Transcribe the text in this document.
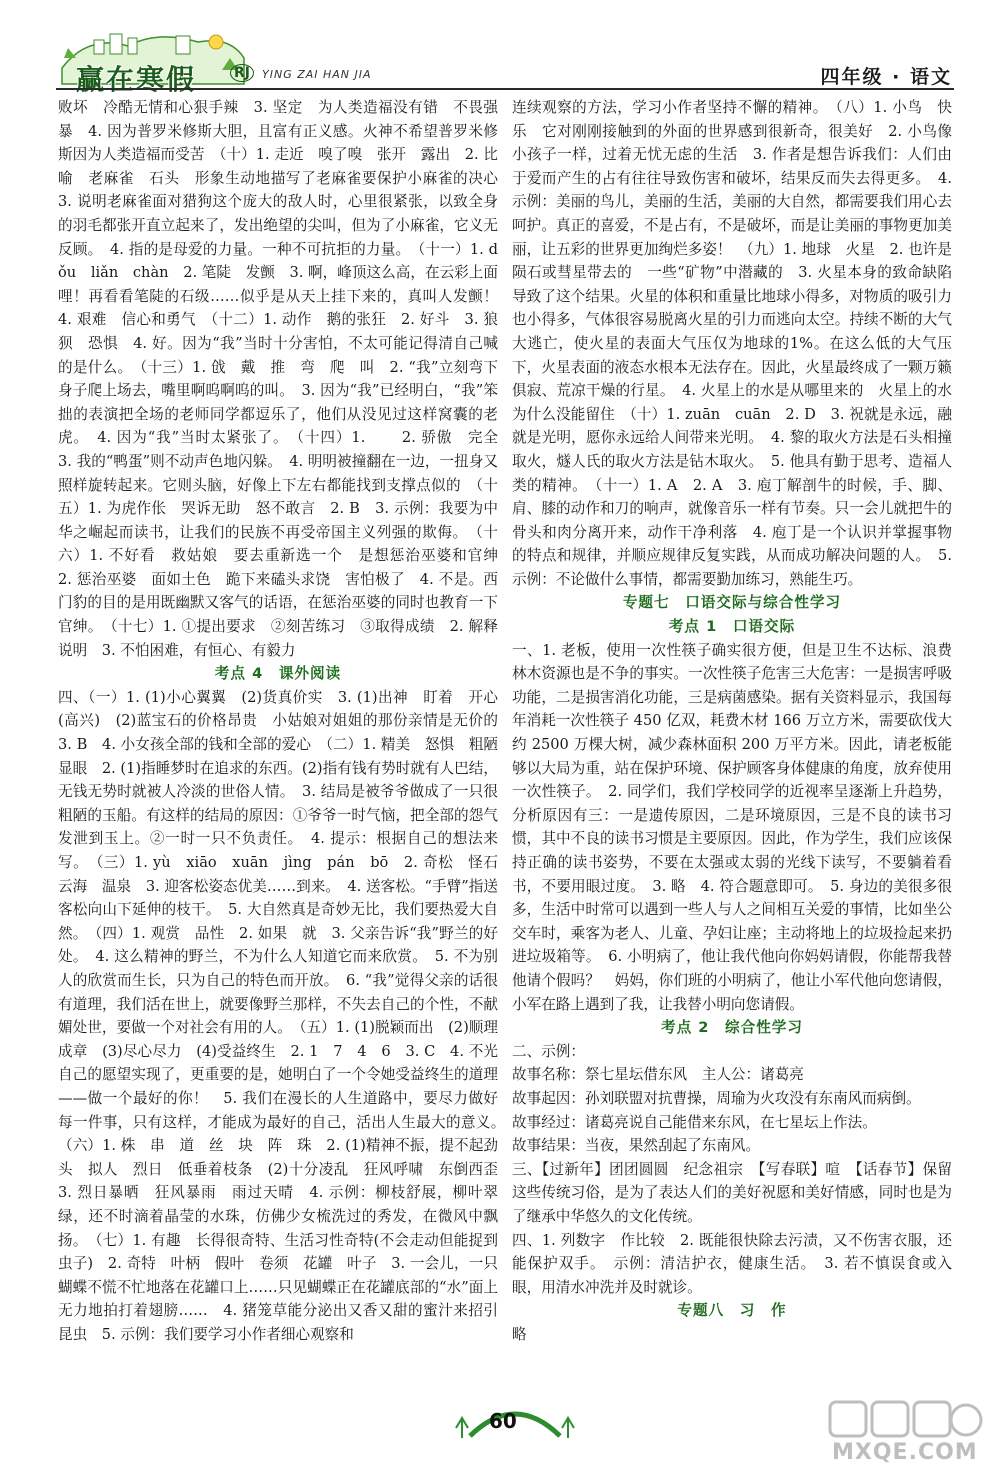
赢在寒假	RJ	YING ZAI HAN JIA	四年级 · 语文

败坏　冷酷无情和心狠手辣　3. 坚定　为人类造福没有错　不畏强暴　4. 因为普罗米修斯大胆，且富有正义感。火神不希望普罗米修斯因为人类造福而受苦　（十）1. 走近　嗅了嗅　张开　露出　2. 比喻　老麻雀　石头　形象生动地描写了老麻雀要保护小麻雀的决心　3. 说明老麻雀面对猎狗这个庞大的敌人时，心里很紧张，以致全身的羽毛都张开直立起来了，发出绝望的尖叫，但为了小麻雀，它义无反顾。　4. 指的是母爱的力量。一种不可抗拒的力量。　（十一）1. dǒu　liǎn　chàn　2. 笔陡　发颤　3. 啊，峰顶这么高，在云彩上面哩！再看看笔陡的石级……似乎是从天上挂下来的，真叫人发颤！　4. 艰难　信心和勇气　（十二）1. 动作　鹅的张狂　2. 好斗　3. 狼狈　恐惧　4. 好。因为“我”当时十分害怕，不太可能记得清自己喊的是什么。　（十三）1. 戗　戴　推　弯　爬　叫　2. “我”立刻弯下身子爬上场去，嘴里啊呜啊呜的叫。　3. 因为“我”已经明白，“我”笨拙的表演把全场的老师同学都逗乐了，他们从没见过这样窝囊的老虎。　4. 因为“我”当时太紧张了。　（十四）1. 　　2. 骄傲　完全　3. 我的“鸭蛋”则不动声色地闪躲。　4. 明明被撞翻在一边，一扭身又照样旋转起来。它则头脑，好像上下左右都能找到支撑点似的　（十五）1. 为虎作伥　哭诉无助　怒不敢言　2. B　3. 示例：我要为中华之崛起而读书，让我们的民族不再受帝国主义列强的欺侮。　（十六）1. 不好看　救姑娘　要去重新选一个　是想惩治巫婆和官绅　2. 惩治巫婆　面如土色　跪下来磕头求饶　害怕极了　4. 不是。西门豹的目的是用既幽默又客气的话语，在惩治巫婆的同时也教育一下官绅。　（十七）1. ①提出要求　②刻苦练习　③取得成绩　2. 解释说明　3. 不怕困难，有恒心、有毅力

考点 4　课外阅读

四、（一）1. (1)小心翼翼　(2)货真价实　3. (1)出神　盯着　开心(高兴)　(2)蓝宝石的价格昂贵　小姑娘对姐姐的那份亲情是无价的　3. B　4. 小女孩全部的钱和全部的爱心　（二）1. 精美　怒惧　粗陋　显眼　2. (1)指睡梦时在追求的东西。(2)指有钱有势时就有人巴结，无钱无势时就被人冷淡的世俗人情。　3. 结局是被爷爷做成了一只很粗陋的玉船。有这样的结局的原因：①爷爷一时气恼，把全部的怨气发泄到玉上。②一时一只不负责任。　4. 提示：根据自己的想法来写。　（三）1. yù　xiāo　xuān　jìng　pán　bō　2. 奇松　怪石　云海　温泉　3. 迎客松姿态优美……到来。　4. 送客松。“手臂”指送客松向山下延伸的枝干。　5. 大自然真是奇妙无比，我们要热爱大自然。　（四）1. 观赏　品性　2. 如果　就　3. 父亲告诉“我”野兰的好处。　4. 这么精神的野兰，不为什么人知道它而来欣赏。　5. 不为别人的欣赏而生长，只为自己的特色而开放。　6. “我”觉得父亲的话很有道理，我们活在世上，就要像野兰那样，不失去自己的个性，不献媚处世，要做一个对社会有用的人。　（五）1. (1)脱颖而出　(2)顺理成章　(3)尽心尽力　(4)受益终生　2. 1　7　4　6　3. C　4. 不光自己的愿望实现了，更重要的是，她明白了一个令她受益终生的道理——做一个最好的你！　5. 我们在漫长的人生道路中，要尽力做好每一件事，只有这样，才能成为最好的自己，活出人生最大的意义。　（六）1. 株　串　道　丝　块　阵　珠　2. (1)精神不振，提不起劲头　拟人　烈日　低垂着枝条　(2)十分凌乱　狂风呼啸　东倒西歪　3. 烈日暴晒　狂风暴雨　雨过天晴　4. 示例：柳枝舒展，柳叶翠绿，还不时滴着晶莹的水珠，仿佛少女梳洗过的秀发，在微风中飘扬。　（七）1. 有趣　长得很奇特、生活习性奇特(不会走动但能捉到虫子)　2. 奇特　叶柄　假叶　卷须　花罐　叶子　3. 一会儿，一只蝴蝶不慌不忙地落在花罐口上……只见蝴蝶正在花罐底部的“水”面上无力地拍打着翅膀……　4. 猪笼草能分泌出又香又甜的蜜汁来招引昆虫　5. 示例：我们要学习小作者细心观察和

连续观察的方法，学习小作者坚持不懈的精神。　（八）1. 小鸟　快乐　它对刚刚接触到的外面的世界感到很新奇，很美好　2. 小鸟像小孩子一样，过着无忧无虑的生活　3. 作者是想告诉我们：人们由于爱而产生的占有往往导致伤害和破坏，结果反而失去得更多。　4. 示例：美丽的鸟儿，美丽的生活，美丽的大自然，都需要我们用心去呵护。真正的喜爱，不是占有，不是破坏，而是让美丽的事物更加美丽，让五彩的世界更加绚烂多姿！　（九）1. 地球　火星　2. 也许是陨石或彗星带去的　一些“矿物”中潜藏的　3. 火星本身的致命缺陷导致了这个结果。火星的体积和重量比地球小得多，对物质的吸引力也小得多，气体很容易脱离火星的引力而逃向太空。持续不断的大气大逃亡，使火星的表面大气压仅为地球的1%。在这么低的大气压下，火星表面的液态水根本无法存在。因此，火星最终成了一颗万籁俱寂、荒凉干燥的行星。　4. 火星上的水是从哪里来的　火星上的水为什么没能留住　（十）1. zuān　cuān　2. D　3. 祝就是永远，融就是光明，愿你永远给人间带来光明。　4. 黎的取火方法是石头相撞取火，燧人氏的取火方法是钻木取火。　5. 他具有勤于思考、造福人类的精神。　（十一）1. A　2. A　3. 庖丁解剖牛的时候，手、脚、肩、膝的动作和刀的响声，就像音乐一样有节奏。只一会儿就把牛的骨头和肉分离开来，动作干净利落　4. 庖丁是一个认识并掌握事物的特点和规律，并顺应规律反复实践，从而成功解决问题的人。　5. 示例：不论做什么事情，都需要勤加练习，熟能生巧。

专题七　口语交际与综合性学习

考点 1　口语交际

一、1. 老板，使用一次性筷子确实很方便，但是卫生不达标、浪费林木资源也是不争的事实。一次性筷子危害三大危害：一是损害呼吸功能，二是损害消化功能，三是病菌感染。据有关资料显示，我国每年消耗一次性筷子 450 亿双，耗费木材 166 万立方米，需要砍伐大约 2500 万棵大树，减少森林面积 200 万平方米。因此，请老板能够以大局为重，站在保护环境、保护顾客身体健康的角度，放弃使用一次性筷子。　2. 同学们，我们学校同学的近视率呈逐渐上升趋势，分析原因有三：一是遗传原因，二是环境原因，三是不良的读书习惯，其中不良的读书习惯是主要原因。因此，作为学生，我们应该保持正确的读书姿势，不要在太强或太弱的光线下读写，不要躺着看书，不要用眼过度。　3. 略　4. 符合题意即可。　5. 身边的美很多很多，生活中时常可以遇到一些人与人之间相互关爱的事情，比如坐公交车时，乘客为老人、儿童、孕妇让座；主动将地上的垃圾捡起来扔进垃圾箱等。　6. 小明病了，他让我代他向你妈妈请假，你能帮我替他请个假吗？　妈妈，你们班的小明病了，他让小军代他向您请假，小军在路上遇到了我，让我替小明向您请假。

考点 2　综合性学习

二、示例：
故事名称：祭七星坛借东风　主人公：诸葛亮
故事起因：孙刘联盟对抗曹操，周瑜为火攻没有东南风而病倒。
故事经过：诸葛亮说自己能借来东风，在七星坛上作法。
故事结果：当夜，果然刮起了东南风。

三、【过新年】团团圆圆　纪念祖宗　【写春联】喧　【话春节】保留这些传统习俗，是为了表达人们的美好祝愿和美好情感，同时也是为了继承中华悠久的文化传统。

四、1. 列数字　作比较　2. 既能很快除去污渍，又不伤害衣服，还能保护双手。　示例：清洁护衣，健康生活。　3. 若不慎误食或入眼，用清水冲洗并及时就诊。

专题八　习　作

略

60
MXQE.COM
